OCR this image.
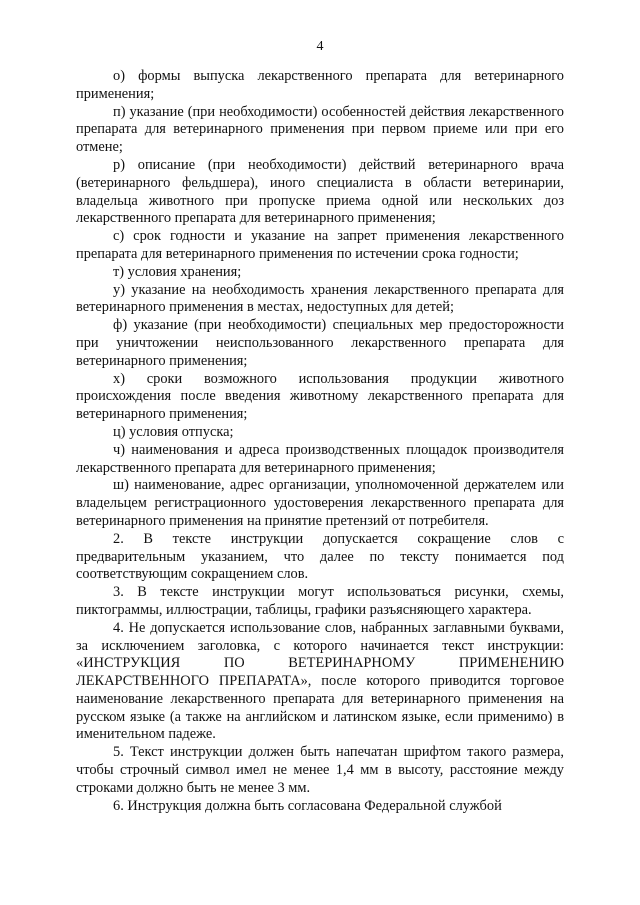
4

о) формы выпуска лекарственного препарата для ветеринарного применения;

п) указание (при необходимости) особенностей действия лекарственного препарата для ветеринарного применения при первом приеме или при его отмене;

р) описание (при необходимости) действий ветеринарного врача (ветеринарного фельдшера), иного специалиста в области ветеринарии, владельца животного при пропуске приема одной или нескольких доз лекарственного препарата для ветеринарного применения;

с) срок годности и указание на запрет применения лекарственного препарата для ветеринарного применения по истечении срока годности;

т) условия хранения;

у) указание на необходимость хранения лекарственного препарата для ветеринарного применения в местах, недоступных для детей;

ф) указание (при необходимости) специальных мер предосторожности при уничтожении неиспользованного лекарственного препарата для ветеринарного применения;

х) сроки возможного использования продукции животного происхождения после введения животному лекарственного препарата для ветеринарного применения;

ц) условия отпуска;

ч) наименования и адреса производственных площадок производителя лекарственного препарата для ветеринарного применения;

ш) наименование, адрес организации, уполномоченной держателем или владельцем регистрационного удостоверения лекарственного препарата для ветеринарного применения на принятие претензий от потребителя.

2. В тексте инструкции допускается сокращение слов с предварительным указанием, что далее по тексту понимается под соответствующим сокращением слов.

3. В тексте инструкции могут использоваться рисунки, схемы, пиктограммы, иллюстрации, таблицы, графики разъясняющего характера.

4. Не допускается использование слов, набранных заглавными буквами, за исключением заголовка, с которого начинается текст инструкции: «ИНСТРУКЦИЯ ПО ВЕТЕРИНАРНОМУ ПРИМЕНЕНИЮ ЛЕКАРСТВЕННОГО ПРЕПАРАТА», после которого приводится торговое наименование лекарственного препарата для ветеринарного применения на русском языке (а также на английском и латинском языке, если применимо) в именительном падеже.

5. Текст инструкции должен быть напечатан шрифтом такого размера, чтобы строчный символ имел не менее 1,4 мм в высоту, расстояние между строками должно быть не менее 3 мм.

6. Инструкция должна быть согласована Федеральной службой
